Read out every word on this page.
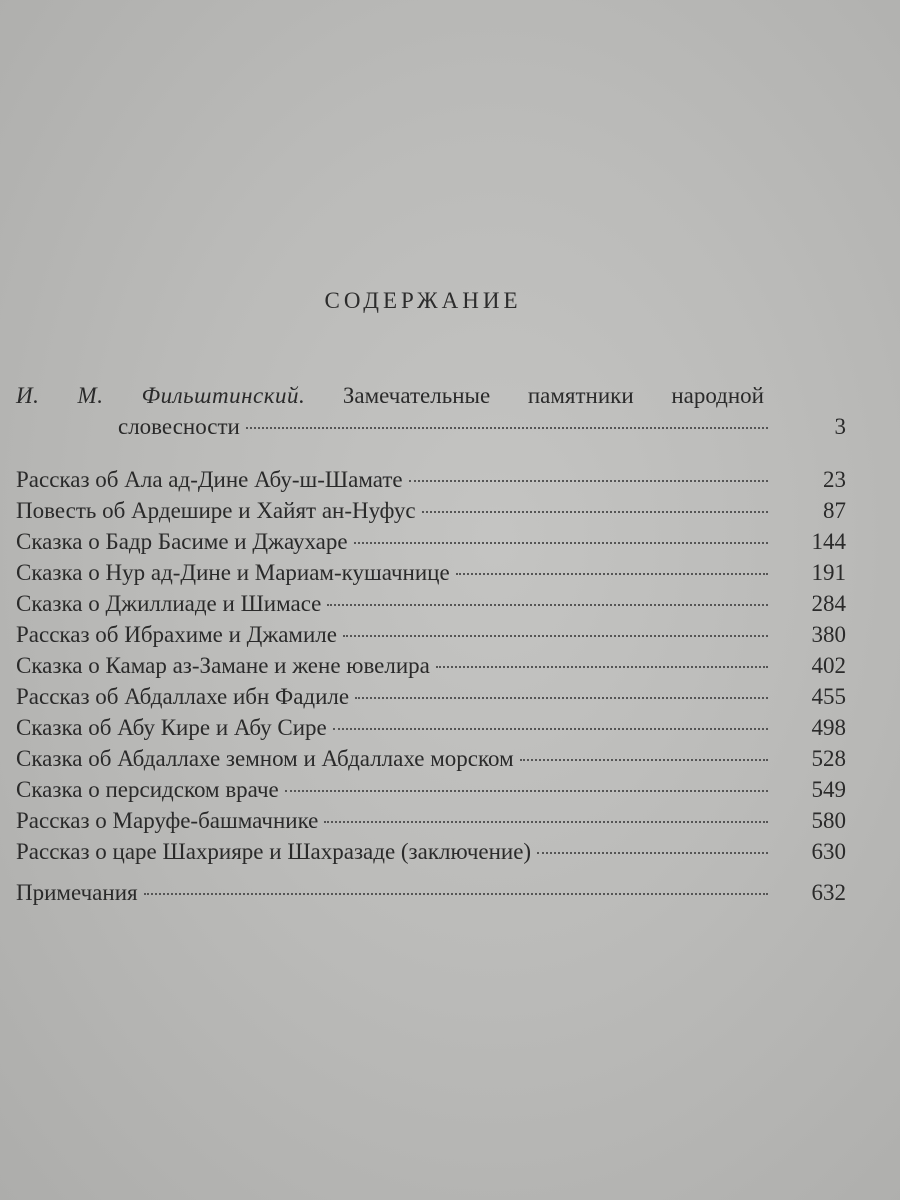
СОДЕРЖАНИЕ
И. М. Фильштинский. Замечательные памятники народной
словесности	3
Рассказ об Ала ад-Дине Абу-ш-Шамате	23
Повесть об Ардешире и Хайят ан-Нуфус	87
Сказка о Бадр Басиме и Джаухаре	144
Сказка о Нур ад-Дине и Мариам-кушачнице	191
Сказка о Джиллиаде и Шимасе	284
Рассказ об Ибрахиме и Джамиле	380
Сказка о Камар аз-Замане и жене ювелира	402
Рассказ об Абдаллахе ибн Фадиле	455
Сказка об Абу Кире и Абу Сире	498
Сказка об Абдаллахе земном и Абдаллахе морском	528
Сказка о персидском враче	549
Рассказ о Маруфе-башмачнике	580
Рассказ о царе Шахрияре и Шахразаде (заключение)	630
Примечания	632
